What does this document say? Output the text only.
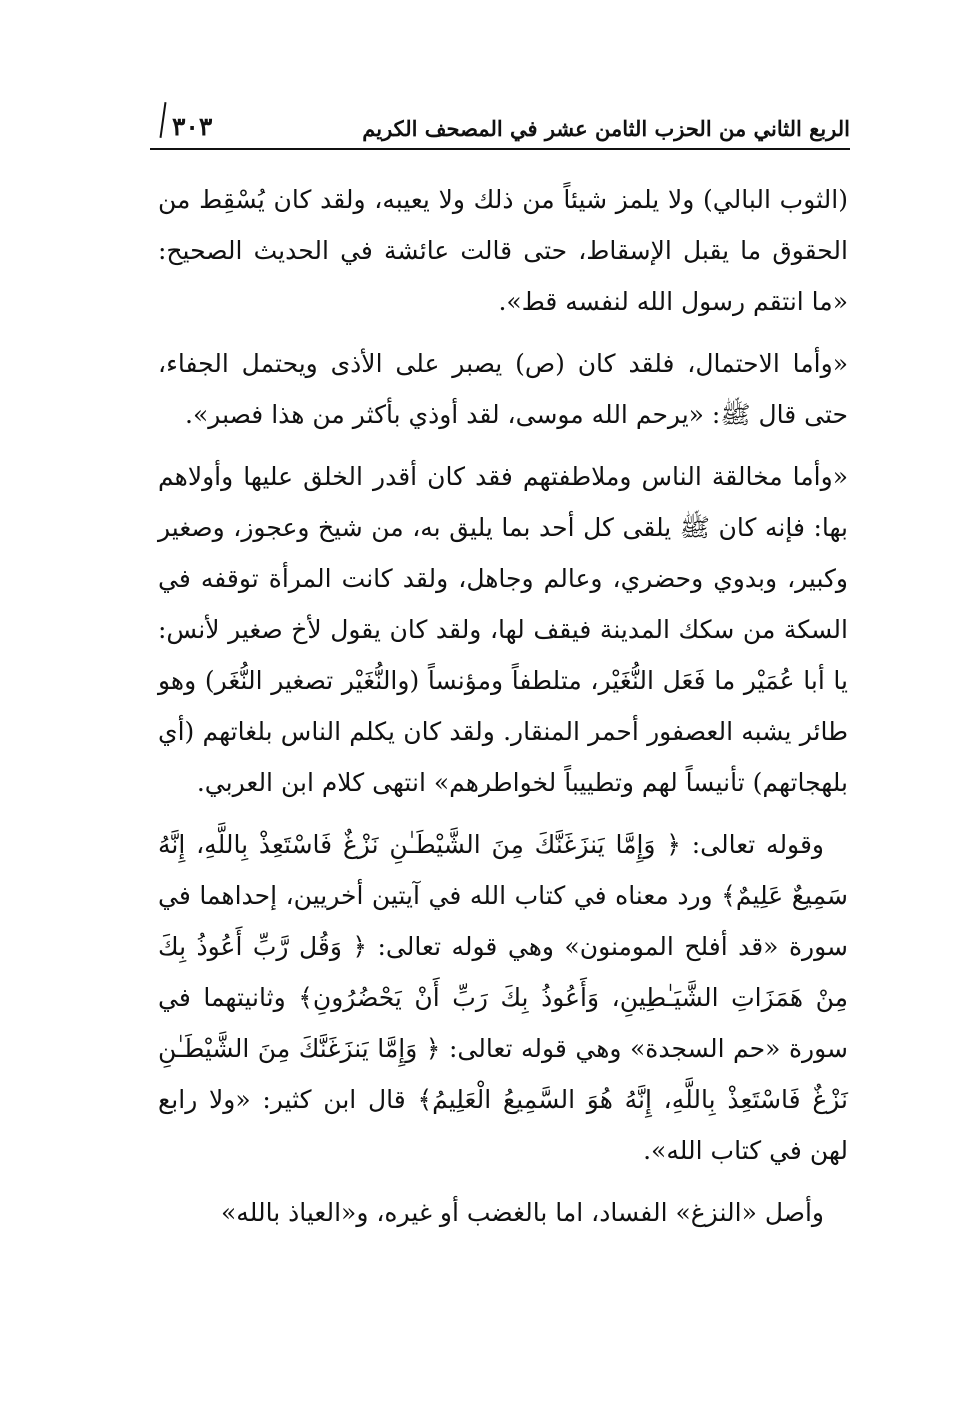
الربع الثاني من الحزب الثامن عشر في المصحف الكريم
٣٠٣

(الثوب البالي) ولا يلمز شيئاً من ذلك ولا يعيبه، ولقد كان يُسْقِط من الحقوق ما يقبل الإسقاط، حتى قالت عائشة في الحديث الصحيح: «ما انتقم رسول الله لنفسه قط».

«وأما الاحتمال، فلقد كان (ص) يصبر على الأذى ويحتمل الجفاء، حتى قال ﷺ: «يرحم الله موسى، لقد أوذي بأكثر من هذا فصبر».

«وأما مخالقة الناس وملاطفتهم فقد كان أقدر الخلق عليها وأولاهم بها: فإنه كان ﷺ يلقى كل أحد بما يليق به، من شيخ وعجوز، وصغير وكبير، وبدوي وحضري، وعالم وجاهل، ولقد كانت المرأة توقفه في السكة من سكك المدينة فيقف لها، ولقد كان يقول لأخ صغير لأنس: يا أبا عُمَيْر ما فَعَل النُّغَيْر، متلطفاً ومؤنساً (والنُّغَيْر تصغير النُّغَر) وهو طائر يشبه العصفور أحمر المنقار. ولقد كان يكلم الناس بلغاتهم (أي بلهجاتهم) تأنيساً لهم وتطييباً لخواطرهم» انتهى كلام ابن العربي.

وقوله تعالى: ﴿ وَإِمَّا يَنزَغَنَّكَ مِنَ الشَّيْطَـٰنِ نَزْغٌ فَاسْتَعِذْ بِاللَّهِ، إِنَّهُ سَمِيعٌ عَلِيمٌ﴾ ورد معناه في كتاب الله في آيتين أخريين، إحداهما في سورة «قد أفلح المومنون» وهي قوله تعالى: ﴿ وَقُل رَّبِّ أَعُوذُ بِكَ مِنْ هَمَزَاتِ الشَّيَـٰطِينِ، وَأَعُوذُ بِكَ رَبِّ أَنْ يَحْضُرُونِ﴾ وثانيتهما في سورة «حم السجدة» وهي قوله تعالى: ﴿ وَإِمَّا يَنزَغَنَّكَ مِنَ الشَّيْطَـٰنِ نَزْغٌ فَاسْتَعِذْ بِاللَّهِ، إِنَّهُ هُوَ السَّمِيعُ الْعَلِيمُ﴾ قال ابن كثير: «ولا رابع لهن في كتاب الله».

وأصل «النزغ» الفساد، اما بالغضب أو غيره، و«العياذ بالله»
